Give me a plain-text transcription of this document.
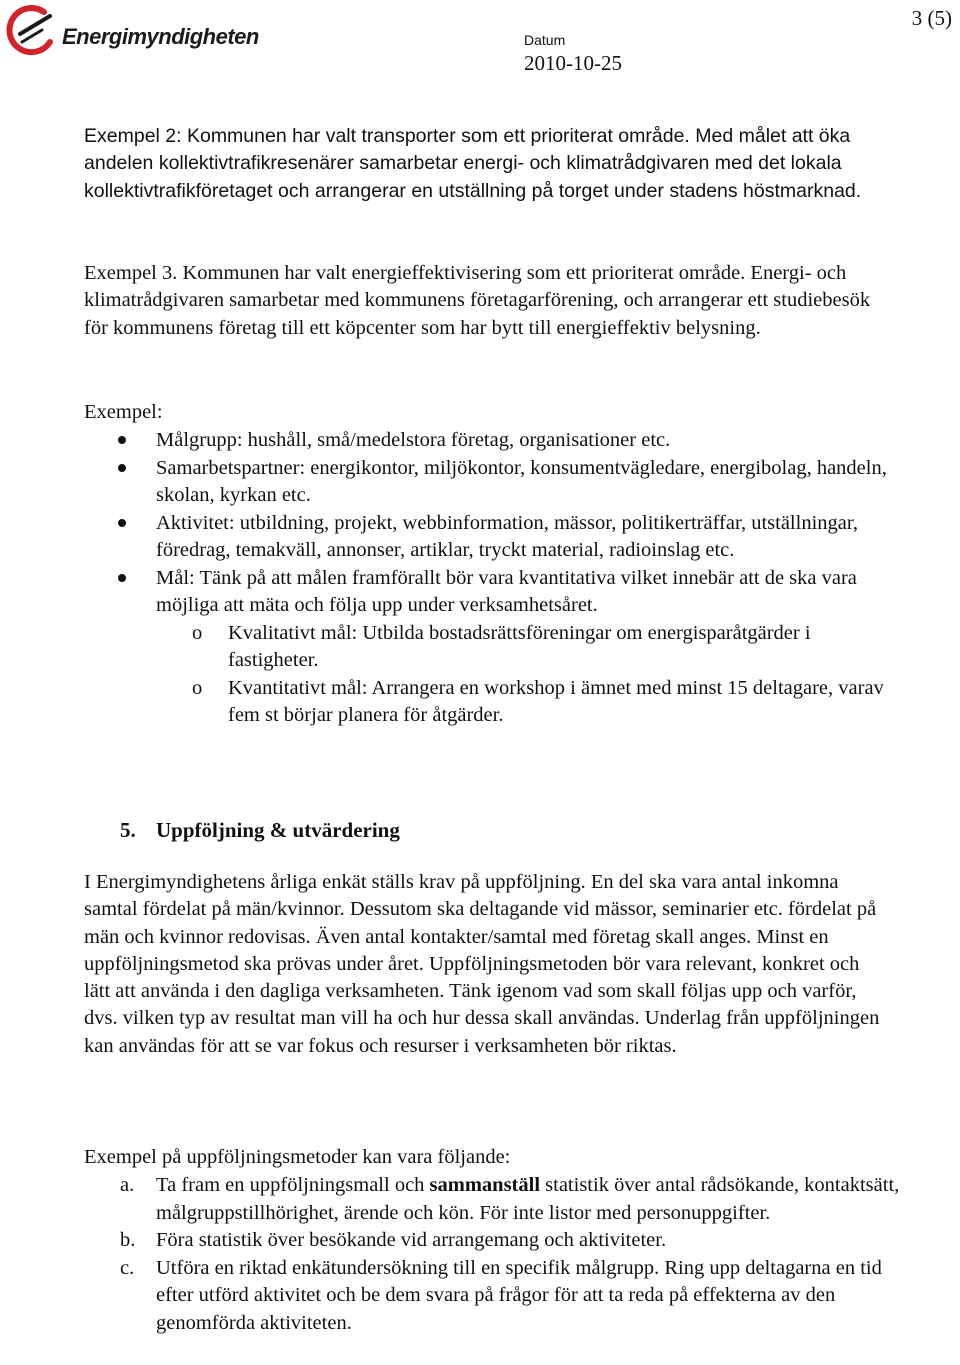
Energimyndigheten
3 (5)
Datum
2010-10-25

Exempel 2: Kommunen har valt transporter som ett prioriterat område. Med målet att öka andelen kollektivtrafikresenärer samarbetar energi- och klimatrådgivaren med det lokala kollektivtrafikföretaget och arrangerar en utställning på torget under stadens höstmarknad.

Exempel 3. Kommunen har valt energieffektivisering som ett prioriterat område. Energi- och klimatrådgivaren samarbetar med kommunens företagarförening, och arrangerar ett studiebesök för kommunens företag till ett köpcenter som har bytt till energieffektiv belysning.

Exempel:

Målgrupp: hushåll, små/medelstora företag, organisationer etc.
Samarbetspartner: energikontor, miljökontor, konsumentvägledare, energibolag, handeln, skolan, kyrkan etc.
Aktivitet: utbildning, projekt, webbinformation, mässor, politikerträffar, utställningar, föredrag, temakväll, annonser, artiklar, tryckt material, radioinslag etc.
Mål: Tänk på att målen framförallt bör vara kvantitativa vilket innebär att de ska vara möjliga att mäta och följa upp under verksamhetsåret.
o Kvalitativt mål: Utbilda bostadsrättsföreningar om energisparåtgärder i fastigheter.
o Kvantitativt mål: Arrangera en workshop i ämnet med minst 15 deltagare, varav fem st börjar planera för åtgärder.
5. Uppföljning & utvärdering

I Energimyndighetens årliga enkät ställs krav på uppföljning. En del ska vara antal inkomna samtal fördelat på män/kvinnor. Dessutom ska deltagande vid mässor, seminarier etc. fördelat på män och kvinnor redovisas. Även antal kontakter/samtal med företag skall anges. Minst en uppföljningsmetod ska prövas under året. Uppföljningsmetoden bör vara relevant, konkret och lätt att använda i den dagliga verksamheten. Tänk igenom vad som skall följas upp och varför, dvs. vilken typ av resultat man vill ha och hur dessa skall användas. Underlag från uppföljningen kan användas för att se var fokus och resurser i verksamheten bör riktas.

Exempel på uppföljningsmetoder kan vara följande:

a. Ta fram en uppföljningsmall och sammanställ statistik över antal rådsökande, kontaktsätt, målgruppstillhörighet, ärende och kön. För inte listor med personuppgifter.
b. Föra statistik över besökande vid arrangemang och aktiviteter.
c. Utföra en riktad enkätundersökning till en specifik målgrupp. Ring upp deltagarna en tid efter utförd aktivitet och be dem svara på frågor för att ta reda på effekterna av den genomförda aktiviteten.
